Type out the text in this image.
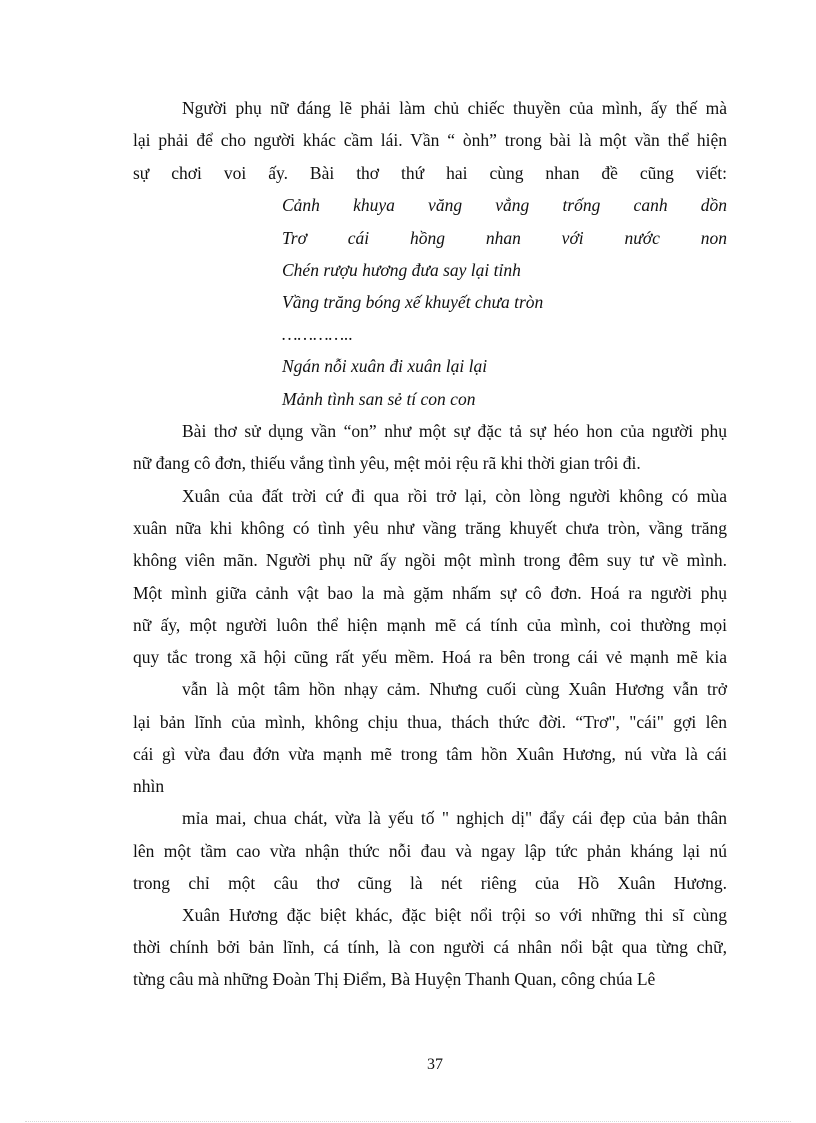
Người phụ nữ đáng lẽ phải làm chủ chiếc thuyền của mình, ấy thế mà
lại phải để cho người khác cầm lái. Vần “ ònh” trong bài là một vần thể hiện
sự chơi voi ấy. Bài thơ thứ hai cùng nhan đề cũng viết:
Cảnh khuya văng vẳng trống canh dồn
Trơ cái hồng nhan với nước non
Chén rượu hương đưa say lại tỉnh
Vầng trăng bóng xế khuyết chưa tròn
…………..
Ngán nỗi xuân đi xuân lại lại
Mảnh tình san sẻ tí con con
Bài thơ sử dụng vần “on” như một sự đặc tả sự héo hon của người phụ
nữ đang cô đơn, thiếu vắng tình yêu, mệt mỏi rệu rã khi thời gian trôi đi.
Xuân của đất trời cứ đi qua rồi trở lại, còn lòng người không có mùa
xuân nữa khi không có tình yêu như vầng trăng khuyết chưa tròn, vầng trăng
không viên mãn. Người phụ nữ ấy ngồi một mình trong đêm suy tư về mình.
Một mình giữa cảnh vật bao la mà gặm nhấm sự cô đơn. Hoá ra người phụ
nữ ấy, một người luôn thể hiện mạnh mẽ cá tính của mình, coi thường mọi
quy tắc trong xã hội cũng rất yếu mềm. Hoá ra bên trong cái vẻ mạnh mẽ kia
vẫn là một tâm hồn nhạy cảm. Nhưng cuối cùng Xuân Hương vẫn trở
lại bản lĩnh của mình, không chịu thua, thách thức đời. “Trơ", "cái" gợi lên
cái gì vừa đau đớn vừa mạnh mẽ trong tâm hồn Xuân Hương, nú vừa là cái
nhìn
mỉa mai, chua chát, vừa là yếu tố " nghịch dị" đẩy cái đẹp của bản thân
lên một tầm cao vừa nhận thức nỗi đau và ngay lập tức phản kháng lại nú
trong chỉ một câu thơ cũng là nét riêng của Hồ Xuân Hương.
Xuân Hương đặc biệt khác, đặc biệt nổi trội so với những thi sĩ cùng
thời chính bởi bản lĩnh, cá tính, là con người cá nhân nổi bật qua từng chữ,
từng câu mà những Đoàn Thị Điểm, Bà Huyện Thanh Quan, công chúa Lê
37
